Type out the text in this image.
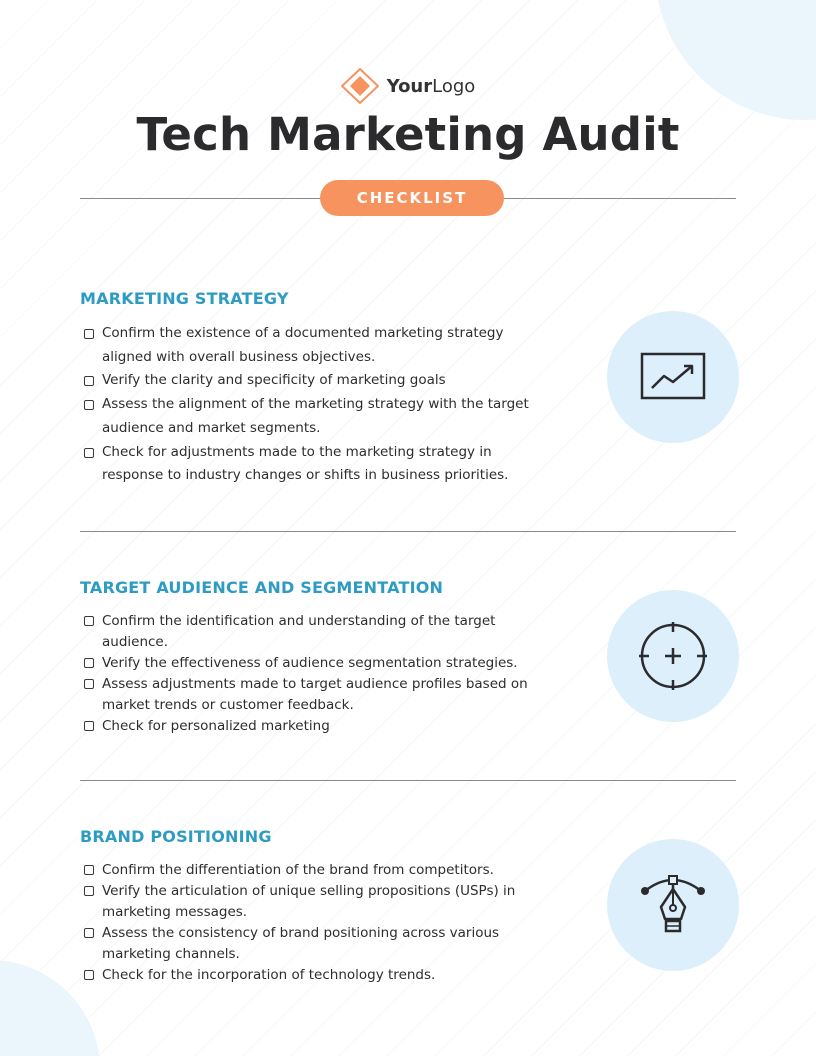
YourLogo
Tech Marketing Audit
CHECKLIST
MARKETING STRATEGY
Confirm the existence of a documented marketing strategy aligned with overall business objectives.
Verify the clarity and specificity of marketing goals
Assess the alignment of the marketing strategy with the target audience and market segments.
Check for adjustments made to the marketing strategy in response to industry changes or shifts in business priorities.
TARGET AUDIENCE AND SEGMENTATION
Confirm the identification and understanding of the target audience.
Verify the effectiveness of audience segmentation strategies.
Assess adjustments made to target audience profiles based on market trends or customer feedback.
Check for personalized marketing
BRAND POSITIONING
Confirm the differentiation of the brand from competitors.
Verify the articulation of unique selling propositions (USPs) in marketing messages.
Assess the consistency of brand positioning across various marketing channels.
Check for the incorporation of technology trends.
